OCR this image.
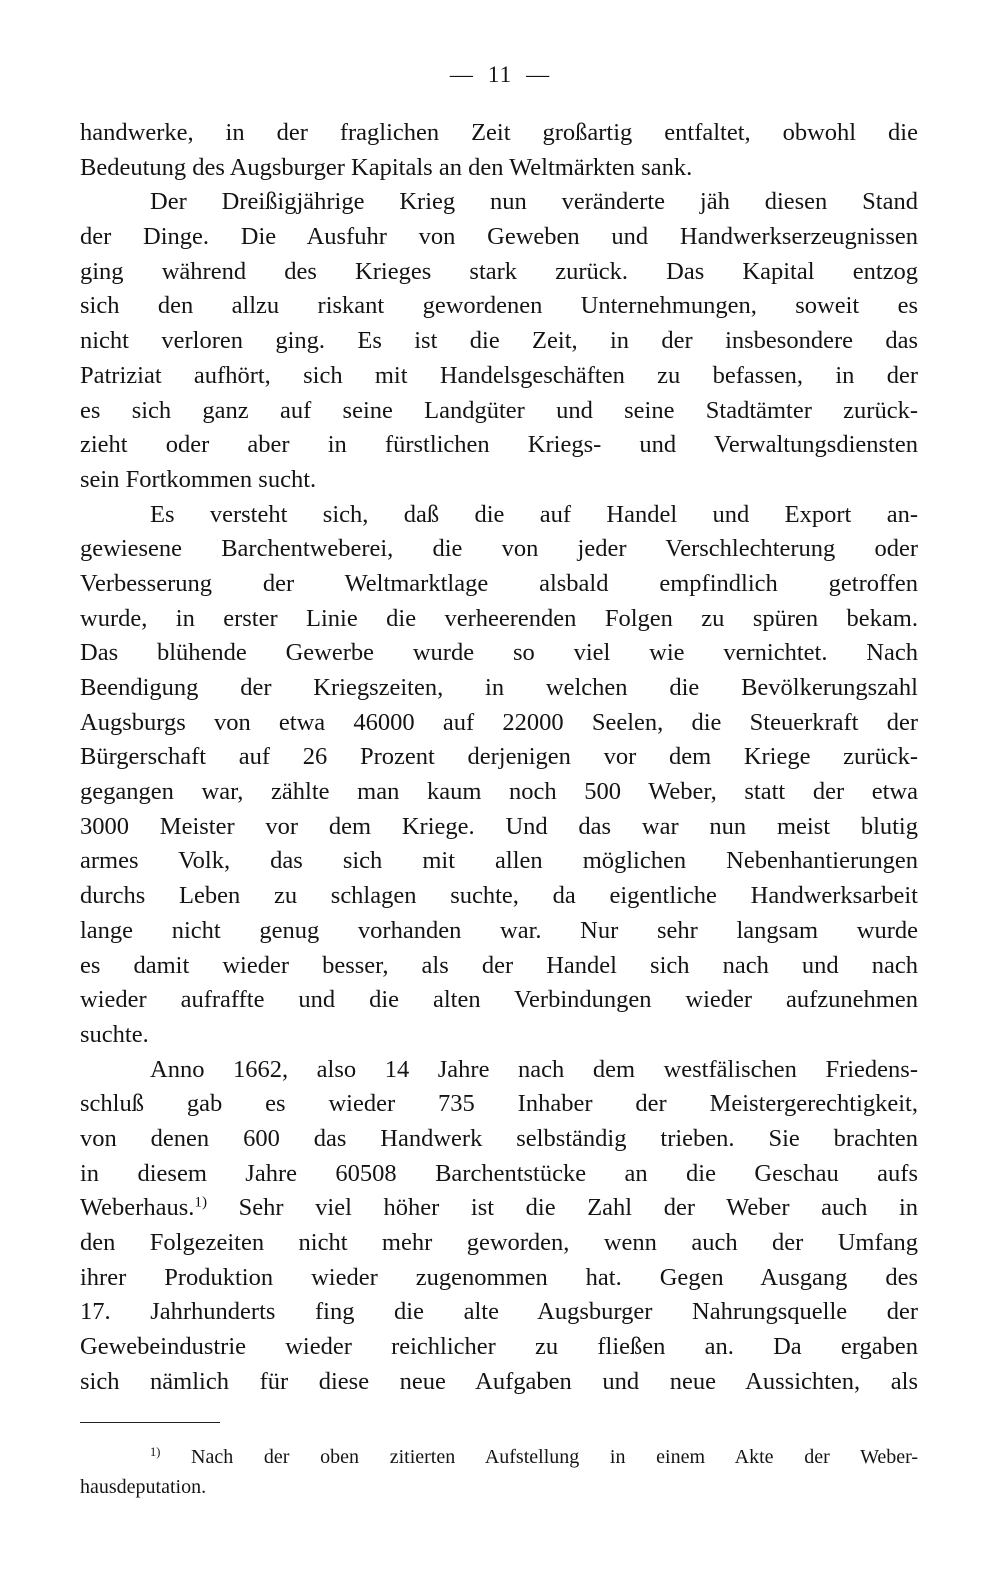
— 11 —
handwerke, in der fraglichen Zeit großartig entfaltet, obwohl die
Bedeutung des Augsburger Kapitals an den Weltmärkten sank.
Der Dreißigjährige Krieg nun veränderte jäh diesen Stand
der Dinge. Die Ausfuhr von Geweben und Handwerkserzeugnissen
ging während des Krieges stark zurück. Das Kapital entzog
sich den allzu riskant gewordenen Unternehmungen, soweit es
nicht verloren ging. Es ist die Zeit, in der insbesondere das
Patriziat aufhört, sich mit Handelsgeschäften zu befassen, in der
es sich ganz auf seine Landgüter und seine Stadtämter zurück-
zieht oder aber in fürstlichen Kriegs- und Verwaltungsdiensten
sein Fortkommen sucht.
Es versteht sich, daß die auf Handel und Export an-
gewiesene Barchentweberei, die von jeder Verschlechterung oder
Verbesserung der Weltmarktlage alsbald empfindlich getroffen
wurde, in erster Linie die verheerenden Folgen zu spüren bekam.
Das blühende Gewerbe wurde so viel wie vernichtet. Nach
Beendigung der Kriegszeiten, in welchen die Bevölkerungszahl
Augsburgs von etwa 46000 auf 22000 Seelen, die Steuerkraft der
Bürgerschaft auf 26 Prozent derjenigen vor dem Kriege zurück-
gegangen war, zählte man kaum noch 500 Weber, statt der etwa
3000 Meister vor dem Kriege. Und das war nun meist blutig
armes Volk, das sich mit allen möglichen Nebenhantierungen
durchs Leben zu schlagen suchte, da eigentliche Handwerksarbeit
lange nicht genug vorhanden war. Nur sehr langsam wurde
es damit wieder besser, als der Handel sich nach und nach
wieder aufraffte und die alten Verbindungen wieder aufzunehmen
suchte.
Anno 1662, also 14 Jahre nach dem westfälischen Friedens-
schluß gab es wieder 735 Inhaber der Meistergerechtigkeit,
von denen 600 das Handwerk selbständig trieben. Sie brachten
in diesem Jahre 60508 Barchentstücke an die Geschau aufs
Weberhaus.$^{1)}$ Sehr viel höher ist die Zahl der Weber auch in
den Folgezeiten nicht mehr geworden, wenn auch der Umfang
ihrer Produktion wieder zugenommen hat. Gegen Ausgang des
17. Jahrhunderts fing die alte Augsburger Nahrungsquelle der
Gewebeindustrie wieder reichlicher zu fließen an. Da ergaben
sich nämlich für diese neue Aufgaben und neue Aussichten, als
$^{1)}$ Nach der oben zitierten Aufstellung in einem Akte der Weber-
hausdeputation.
